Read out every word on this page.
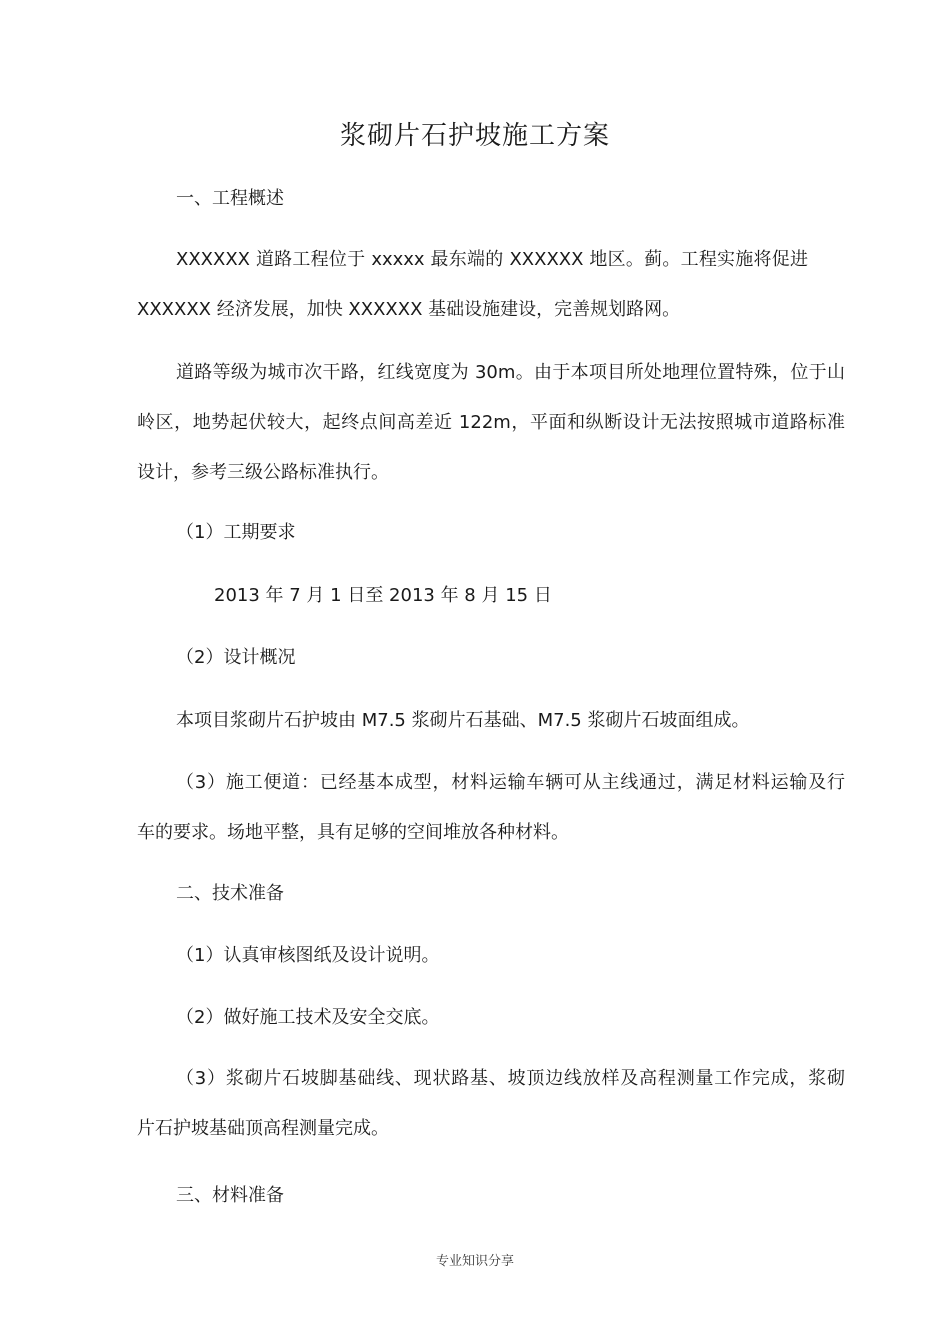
浆砌片石护坡施工方案
一、工程概述
XXXXXX 道路工程位于 xxxxx 最东端的 XXXXXX 地区。蓟。工程实施将促进
XXXXXX 经济发展，加快 XXXXXX 基础设施建设，完善规划路网。
道路等级为城市次干路，红线宽度为 30m。由于本项目所处地理位置特殊，位于山
岭区，地势起伏较大，起终点间高差近 122m，平面和纵断设计无法按照城市道路标准
设计，参考三级公路标准执行。
（1）工期要求
2013 年 7 月 1 日至 2013 年 8 月 15 日
（2）设计概况
本项目浆砌片石护坡由 M7.5 浆砌片石基础、M7.5 浆砌片石坡面组成。
（3）施工便道：已经基本成型，材料运输车辆可从主线通过，满足材料运输及行
车的要求。场地平整，具有足够的空间堆放各种材料。
二、技术准备
（1）认真审核图纸及设计说明。
（2）做好施工技术及安全交底。
（3）浆砌片石坡脚基础线、现状路基、坡顶边线放样及高程测量工作完成，浆砌
片石护坡基础顶高程测量完成。
三、材料准备
专业知识分享
